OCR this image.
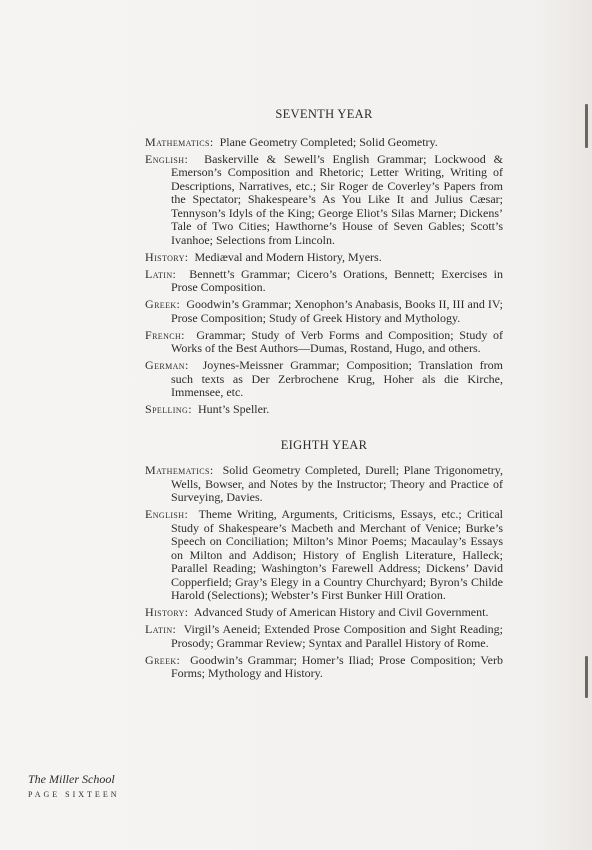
SEVENTH YEAR

Mathematics: Plane Geometry Completed; Solid Geometry.

English: Baskerville & Sewell’s English Grammar; Lockwood & Emerson’s Composition and Rhetoric; Letter Writing, Writing of Descriptions, Narratives, etc.; Sir Roger de Coverley’s Papers from the Spectator; Shakespeare’s As You Like It and Julius Cæsar; Tennyson’s Idyls of the King; George Eliot’s Silas Marner; Dickens’ Tale of Two Cities; Hawthorne’s House of Seven Gables; Scott’s Ivanhoe; Selections from Lincoln.

History: Mediæval and Modern History, Myers.

Latin: Bennett’s Grammar; Cicero’s Orations, Bennett; Exercises in Prose Composition.

Greek: Goodwin’s Grammar; Xenophon’s Anabasis, Books II, III and IV; Prose Composition; Study of Greek History and Mythology.

French: Grammar; Study of Verb Forms and Composition; Study of Works of the Best Authors—Dumas, Rostand, Hugo, and others.

German: Joynes-Meissner Grammar; Composition; Translation from such texts as Der Zerbrochene Krug, Hoher als die Kirche, Immensee, etc.

Spelling: Hunt’s Speller.

EIGHTH YEAR

Mathematics: Solid Geometry Completed, Durell; Plane Trigonometry, Wells, Bowser, and Notes by the Instructor; Theory and Practice of Surveying, Davies.

English: Theme Writing, Arguments, Criticisms, Essays, etc.; Critical Study of Shakespeare’s Macbeth and Merchant of Venice; Burke’s Speech on Conciliation; Milton’s Minor Poems; Macaulay’s Essays on Milton and Addison; History of English Literature, Halleck; Parallel Reading; Washington’s Farewell Address; Dickens’ David Copperfield; Gray’s Elegy in a Country Churchyard; Byron’s Childe Harold (Selections); Webster’s First Bunker Hill Oration.

History: Advanced Study of American History and Civil Government.

Latin: Virgil’s Aeneid; Extended Prose Composition and Sight Reading; Prosody; Grammar Review; Syntax and Parallel History of Rome.

Greek: Goodwin’s Grammar; Homer’s Iliad; Prose Composition; Verb Forms; Mythology and History.

The Miller School
PAGE SIXTEEN
